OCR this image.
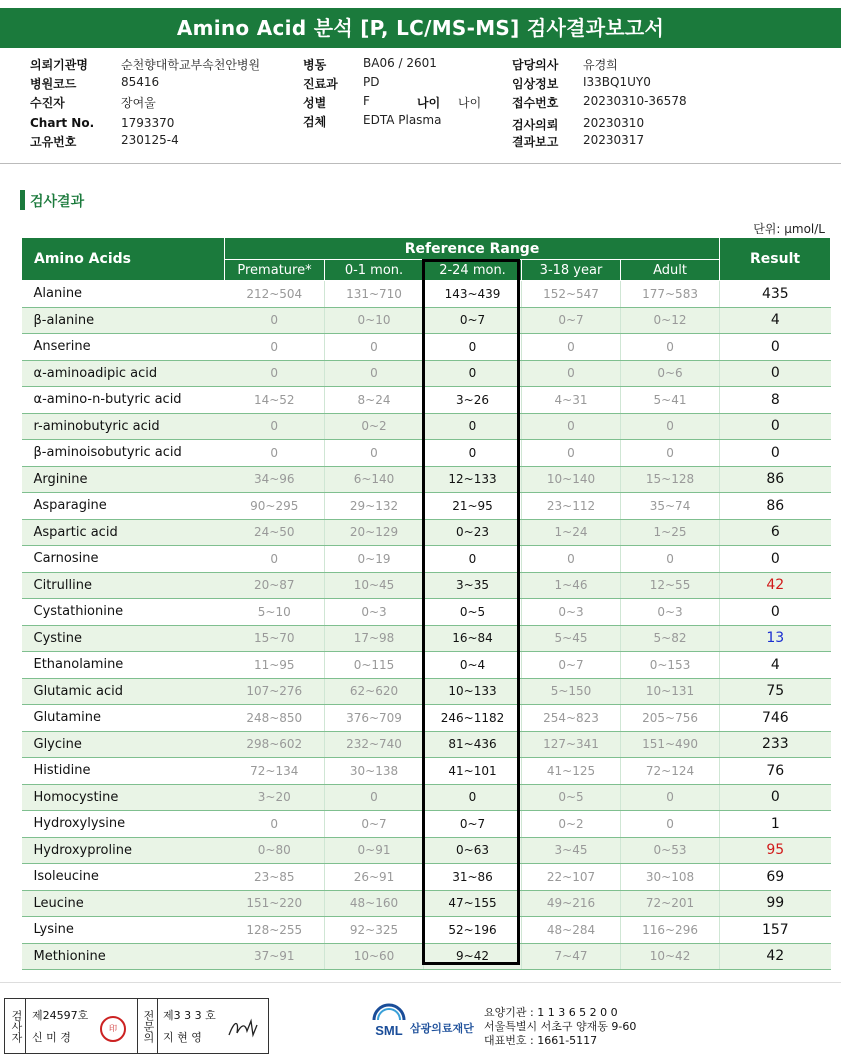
Amino Acid 분석 [P, LC/MS-MS] 검사결과보고서
의뢰기관명	순천향대학교부속천안병원
병원코드	85416
수진자	장여울
Chart No. 1793370
고유번호	230125-4
병동	BA06 / 2601
진료과 PD
성별	F	나이 나이
검체	EDTA Plasma
담당의사 유경희
임상정보 I33BQ1UY0
접수번호 20230310-36578
검사의뢰 20230310
결과보고 20230317
검사결과
단위: μmol/L
Amino Acids	Reference Range					Result
	Premature*	0-1 mon.	2-24 mon.	3-18 year	Adult	
Alanine	212~504	131~710	143~439	152~547	177~583	435
β-alanine	0	0~10	0~7	0~7	0~12	4
Anserine	0	0	0	0	0	0
α-aminoadipic acid	0	0	0	0	0~6	0
α-amino-n-butyric acid	14~52	8~24	3~26	4~31	5~41	8
r-aminobutyric acid	0	0~2	0	0	0	0
β-aminoisobutyric acid	0	0	0	0	0	0
Arginine	34~96	6~140	12~133	10~140	15~128	86
Asparagine	90~295	29~132	21~95	23~112	35~74	86
Aspartic acid	24~50	20~129	0~23	1~24	1~25	6
Carnosine	0	0~19	0	0	0	0
Citrulline	20~87	10~45	3~35	1~46	12~55	42
Cystathionine	5~10	0~3	0~5	0~3	0~3	0
Cystine	15~70	17~98	16~84	5~45	5~82	13
Ethanolamine	11~95	0~115	0~4	0~7	0~153	4
Glutamic acid	107~276	62~620	10~133	5~150	10~131	75
Glutamine	248~850	376~709	246~1182	254~823	205~756	746
Glycine	298~602	232~740	81~436	127~341	151~490	233
Histidine	72~134	30~138	41~101	41~125	72~124	76
Homocystine	3~20	0	0	0~5	0	0
Hydroxylysine	0	0~7	0~7	0~2	0	1
Hydroxyproline	0~80	0~91	0~63	3~45	0~53	95
Isoleucine	23~85	26~91	31~86	22~107	30~108	69
Leucine	151~220	48~160	47~155	49~216	72~201	99
Lysine	128~255	92~325	52~196	48~284	116~296	157
Methionine	37~91	10~60	9~42	7~47	10~42	42
검사자 제24597호
신 미 경
印	전문의 제3 3 3 호
지 현 영	SML 삼광의료재단
요양기관 : 1 1 3 6 5 2 0 0
서울특별시 서초구 양재동 9-60
대표번호 : 1661-5117
